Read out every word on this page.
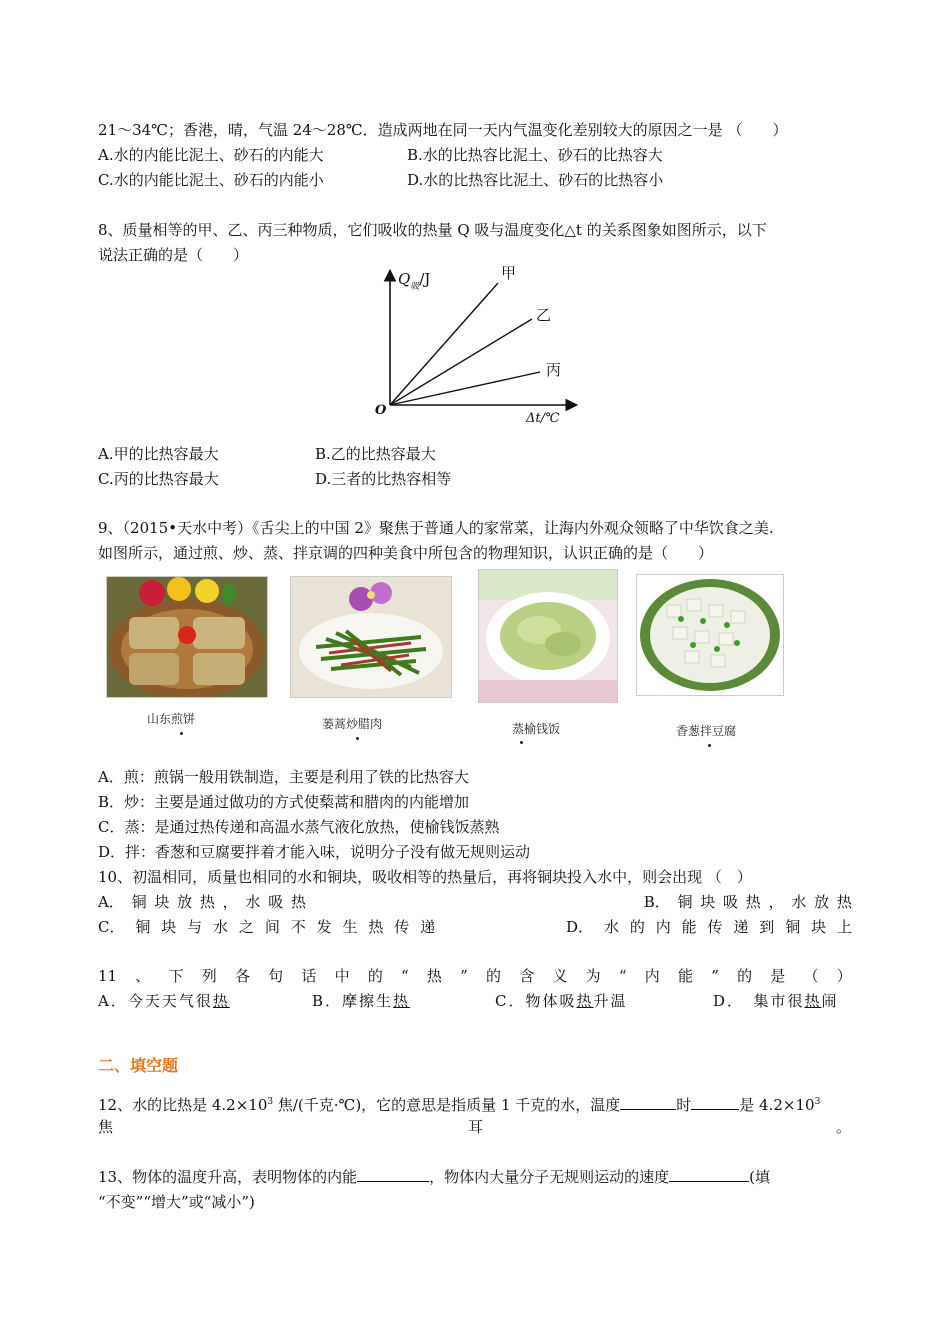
21～34℃；香港，晴，气温 24～28℃．造成两地在同一天内气温变化差别较大的原因之一是 （　　）
A.水的内能比泥土、砂石的内能大	B.水的比热容比泥土、砂石的比热容大
C.水的内能比泥土、砂石的内能小	D.水的比热容比泥土、砂石的比热容小
8、质量相等的甲、乙、丙三种物质，它们吸收的热量 Q 吸与温度变化△t 的关系图象如图所示，以下
说法正确的是（　　）
$Q_吸/J$	甲
乙
丙
O
Δt/℃
A.甲的比热容最大	B.乙的比热容最大
C.丙的比热容最大	D.三者的比热容相等
9、（2015•天水中考）《舌尖上的中国 2》聚焦于普通人的家常菜，让海内外观众领略了中华饮食之美.
如图所示，通过煎、炒、蒸、拌京调的四种美食中所包含的物理知识，认识正确的是（　　）
山东煎饼	蒌蒿炒腊肉	蒸榆钱饭	香葱拌豆腐
A．煎：煎锅一般用铁制造，主要是利用了铁的比热容大
B．炒：主要是通过做功的方式使蔾蒿和腊肉的内能增加
C．蒸：是通过热传递和高温水蒸气液化放热，使榆钱饭蒸熟
D．拌：香葱和豆腐要拌着才能入味，说明分子没有做无规则运动
10、初温相同，质量也相同的水和铜块，吸收相等的热量后，再将铜块投入水中，则会出现 （　）
A． 铜 块 放 热 ， 水 吸 热	B． 铜 块 吸 热 ， 水 放 热
C． 铜 块 与 水 之 间 不 发 生 热 传 递	D． 水 的 内 能 传 递 到 铜 块 上
11 、 下 列 各 句 话 中 的 “ 热 ” 的 含 义 为 “ 内 能 ” 的 是 （ ）
A．今天天气很热	B．摩擦生热	C．物体吸热升温	D．　集市很热闹
二、填空题
12、水的比热是 $4.2\times 10^3$ 焦/(千克·℃)，它的意思是指质量 1 千克的水，温度	时	是 $4.2\times 10^3$
焦	耳	。
13、物体的温度升高，表明物体的内能	，物体内大量分子无规则运动的速度	(填
“不变”“增大”或“减小”)
